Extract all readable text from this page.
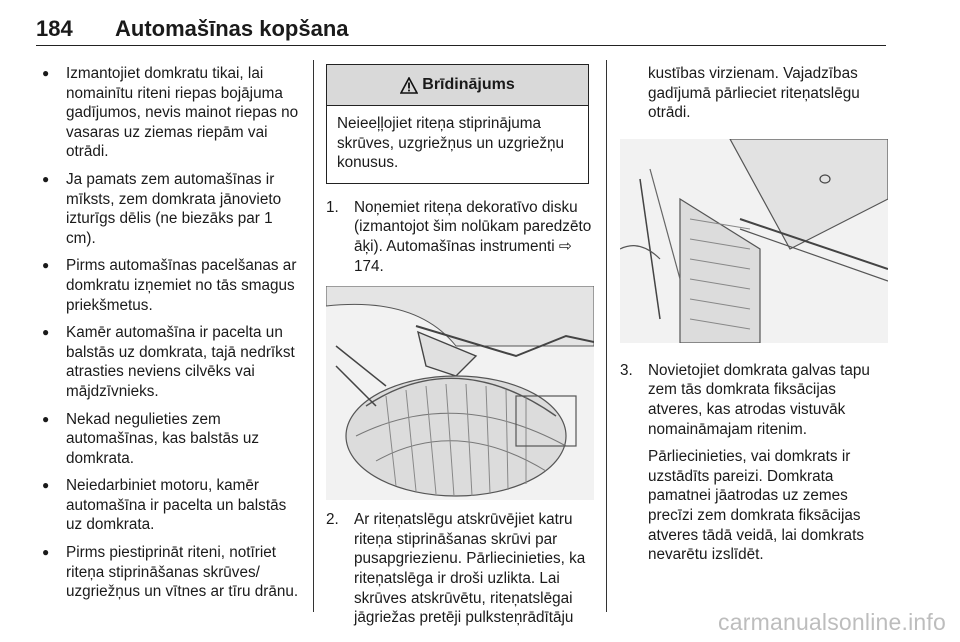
184 Automašīnas kopšana
● Izmantojiet domkratu tikai, lai nomainītu riteni riepas bojājuma gadījumos, nevis mainot riepas no vasaras uz ziemas riepām vai otrādi.
● Ja pamats zem automašīnas ir mīksts, zem domkrata jānovieto izturīgs dēlis (ne biezāks par 1 cm).
● Pirms automašīnas pacelšanas ar domkratu izņemiet no tās smagus priekšmetus.
● Kamēr automašīna ir pacelta un balstās uz domkrata, tajā nedrīkst atrasties neviens cilvēks vai mājdzīvnieks.
● Nekad negulieties zem automašīnas, kas balstās uz domkrata.
● Neiedarbiniet motoru, kamēr automašīna ir pacelta un balstās uz domkrata.
● Pirms piestiprināt riteni, notīriet riteņa stiprināšanas skrūves/ uzgriežņus un vītnes ar tīru drānu.
Brīdinājums
Neieeļļojiet riteņa stiprinājuma skrūves, uzgriežņus un uzgriežņu konusus.
1. Noņemiet riteņa dekoratīvo disku (izmantojot šim nolūkam paredzēto āķi). Automašīnas instrumenti ⇨ 174.

2. Ar riteņatslēgu atskrūvējiet katru riteņa stiprināšanas skrūvi par pusapgriezienu. Pārliecinieties, ka riteņatslēga ir droši uzlikta. Lai skrūves atskrūvētu, riteņatslēgai jāgriežas pretēji pulksteņrādītāju

kustības virzienam. Vajadzības gadījumā pārlieciet riteņatslēgu otrādi.
3. Novietojiet domkrata galvas tapu zem tās domkrata fiksācijas atveres, kas atrodas vistuvāk nomaināmajam ritenim.

Pārliecinieties, vai domkrats ir uzstādīts pareizi. Domkrata pamatnei jāatrodas uz zemes precīzi zem domkrata fiksācijas atveres tādā veidā, lai domkrats nevarētu izslīdēt.

carmanualsonline.info
